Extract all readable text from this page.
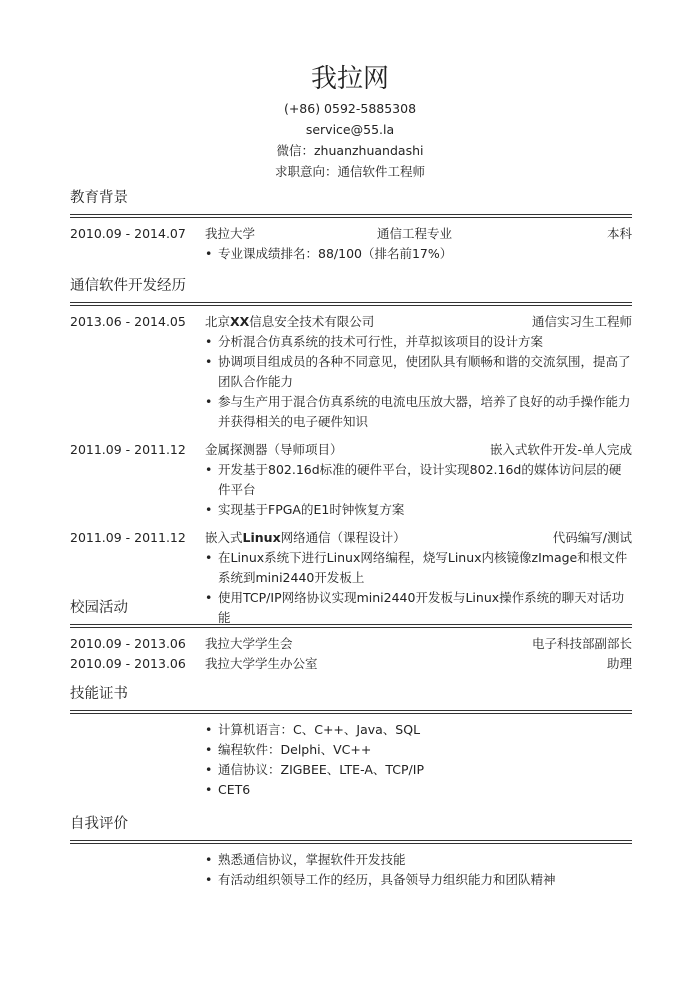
我拉网
(+86) 0592-5885308
service@55.la
微信：zhuanzhuandashi
求职意向：通信软件工程师
教育背景
2010.09 - 2014.07	我拉大学	通信工程专业	本科
• 专业课成绩排名：88/100（排名前17%）
通信软件开发经历
2013.06 - 2014.05	北京XX信息安全技术有限公司	通信实习生工程师
• 分析混合仿真系统的技术可行性，并草拟该项目的设计方案
• 协调项目组成员的各种不同意见，使团队具有顺畅和谐的交流氛围，提高了团队合作能力
• 参与生产用于混合仿真系统的电流电压放大器，培养了良好的动手操作能力并获得相关的电子硬件知识
2011.09 - 2011.12	金属探测器（导师项目）	嵌入式软件开发-单人完成
• 开发基于802.16d标准的硬件平台，设计实现802.16d的媒体访问层的硬件平台
• 实现基于FPGA的E1时钟恢复方案
2011.09 - 2011.12	嵌入式Linux网络通信（课程设计）	代码编写/测试
• 在Linux系统下进行Linux网络编程，烧写Linux内核镜像zImage和根文件系统到mini2440开发板上
• 使用TCP/IP网络协议实现mini2440开发板与Linux操作系统的聊天对话功能
校园活动
2010.09 - 2013.06	我拉大学学生会	电子科技部副部长
2010.09 - 2013.06	我拉大学学生办公室	助理
技能证书
• 计算机语言：C、C++、Java、SQL
• 编程软件：Delphi、VC++
• 通信协议：ZIGBEE、LTE-A、TCP/IP
• CET6
自我评价
• 熟悉通信协议，掌握软件开发技能
• 有活动组织领导工作的经历，具备领导力组织能力和团队精神
